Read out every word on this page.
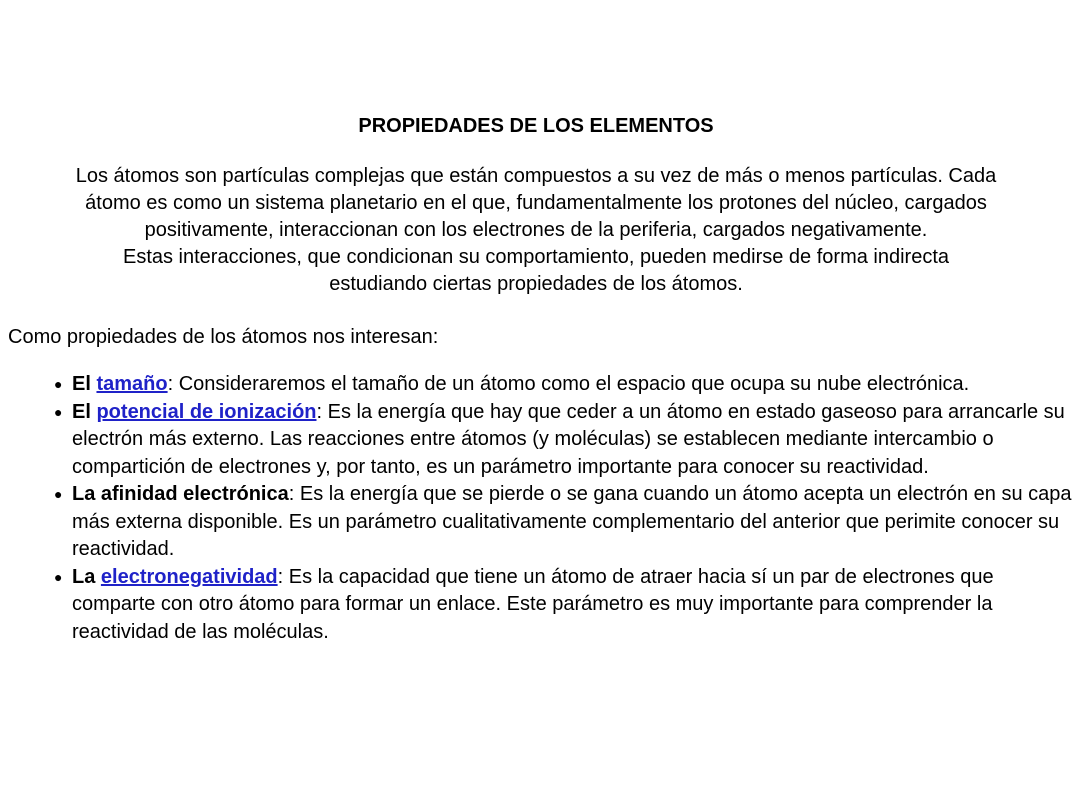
PROPIEDADES DE LOS ELEMENTOS

Los átomos son partículas complejas que están compuestos a su vez de más o menos partículas. Cada
átomo es como un sistema planetario en el que, fundamentalmente los protones del núcleo, cargados
positivamente, interaccionan con los electrones de la periferia, cargados negativamente.
Estas interacciones, que condicionan su comportamiento, pueden medirse de forma indirecta
estudiando ciertas propiedades de los átomos.

Como propiedades de los átomos nos interesan:

● El tamaño: Consideraremos el tamaño de un átomo como el espacio que ocupa su nube electrónica.
● El potencial de ionización: Es la energía que hay que ceder a un átomo en estado gaseoso para arrancarle su electrón más externo. Las reacciones entre átomos (y moléculas) se establecen mediante intercambio o compartición de electrones y, por tanto, es un parámetro importante para conocer su reactividad.
● La afinidad electrónica: Es la energía que se pierde o se gana cuando un átomo acepta un electrón en su capa más externa disponible. Es un parámetro cualitativamente complementario del anterior que perimite conocer su reactividad.
● La electronegatividad: Es la capacidad que tiene un átomo de atraer hacia sí un par de electrones que comparte con otro átomo para formar un enlace. Este parámetro es muy importante para comprender la reactividad de las moléculas.
